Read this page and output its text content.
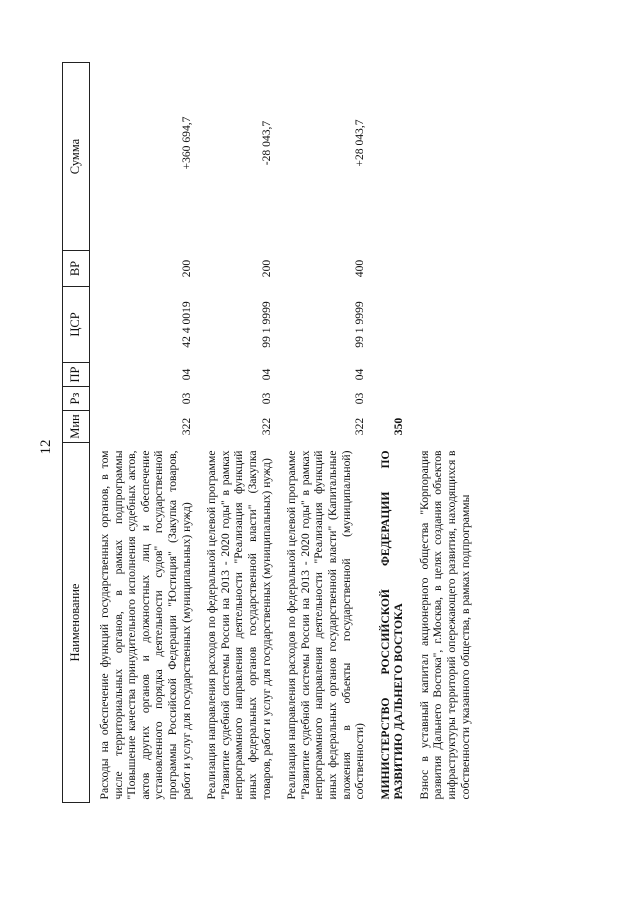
12
Наименование	Мин	Рз	ПР	ЦСР	ВР	Сумма
Расходы на обеспечение функций государственных органов, в том числе территориальных органов, в рамках подпрограммы "Повышение качества принудительного исполнения судебных актов, актов других органов и должностных лиц и обеспечение установленного порядка деятельности судов" государственной программы Российской Федерации "Юстиция" (Закупка товаров, работ и услуг для государственных (муниципальных) нужд)	322	03	04	42 4 0019	200	+360 694,7
Реализация направления расходов по федеральной целевой программе "Развитие судебной системы России на 2013 - 2020 годы" в рамках непрограммного направления деятельности "Реализация функций иных федеральных органов государственной власти" (Закупка товаров, работ и услуг для государственных (муниципальных) нужд)	322	03	04	99 1 9999	200	-28 043,7
Реализация направления расходов по федеральной целевой программе "Развитие судебной системы России на 2013 - 2020 годы" в рамках непрограммного направления деятельности "Реализация функций иных федеральных органов государственной власти" (Капитальные вложения в объекты государственной (муниципальной) собственности)	322	03	04	99 1 9999	400	+28 043,7
МИНИСТЕРСТВО РОССИЙСКОЙ ФЕДЕРАЦИИ ПО РАЗВИТИЮ ДАЛЬНЕГО ВОСТОКА	350					
Взнос в уставный капитал акционерного общества "Корпорация развития Дальнего Востока", г.Москва, в целях создания объектов инфраструктуры территорий опережающего развития, находящихся в собственности указанного общества, в рамках подпрограммы						
